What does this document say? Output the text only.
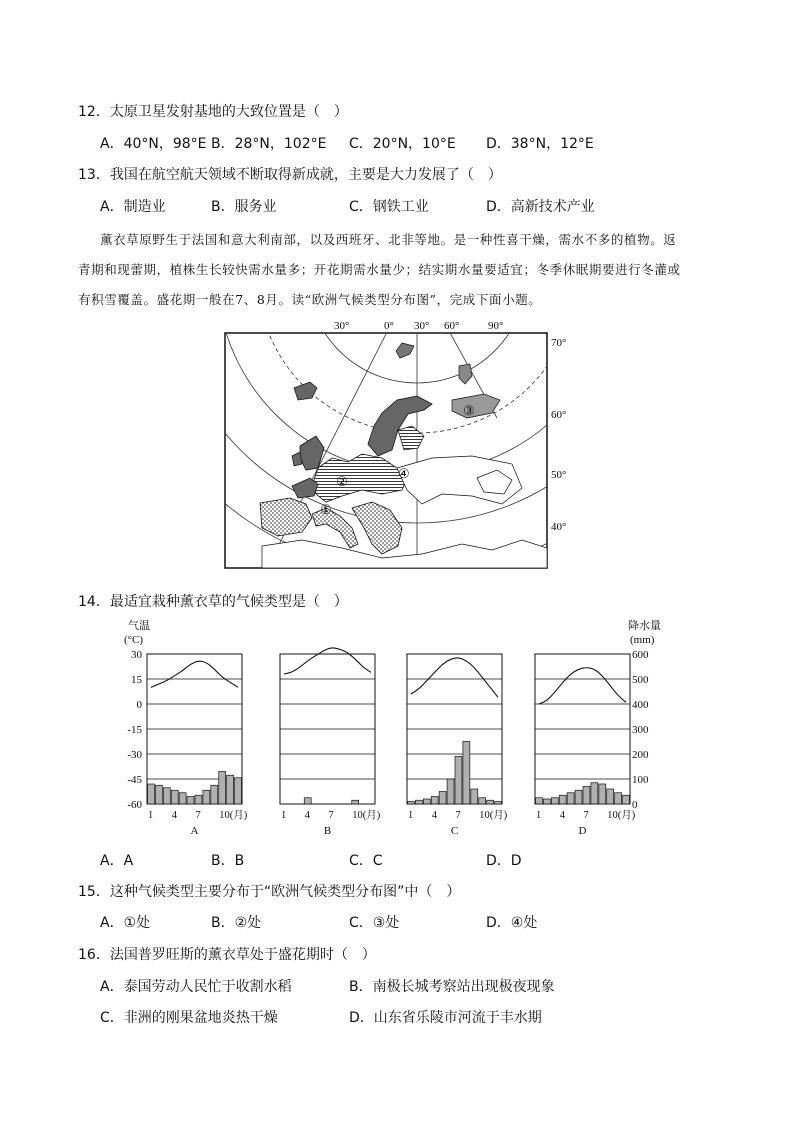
12．太原卫星发射基地的大致位置是（　）
A．40°N，98°E B．28°N，102°E C．20°N，10°E D．38°N，12°E
13．我国在航空航天领域不断取得新成就，主要是大力发展了（　）
A．制造业	B．服务业	C．钢铁工业	D．高新技术产业
薰衣草原野生于法国和意大利南部，以及西班牙、北非等地。是一种性喜干燥，需水不多的植物。返
青期和现蕾期，植株生长较快需水量多；开花期需水量少；结实期水量要适宜；冬季休眠期要进行冬灌或
有积雪覆盖。盛花期一般在7、8月。读“欧洲气候类型分布图”，完成下面小题。
30°	0° 30° 60°	90°
70°
60°
50°
40°
①
②
③
④
14．最适宜栽种薰衣草的气候类型是（　）
气温
(°C)
降水量
(mm)
30
15
0
-15
-30
-45
-60
600
500
400
300
200
100
0
1 4 7 10(月)
A
1 4 7 10(月)
B
1 4 7 10(月)
C
1 4 7 10(月)
D
A．A	B．B	C．C	D．D
15．这种气候类型主要分布于“欧洲气候类型分布图”中（　）
A．①处	B．②处	C．③处	D．④处
16．法国普罗旺斯的薰衣草处于盛花期时（　）
A．泰国劳动人民忙于收割水稻	B．南极长城考察站出现极夜现象
C．非洲的刚果盆地炎热干燥	D．山东省乐陵市河流于丰水期
